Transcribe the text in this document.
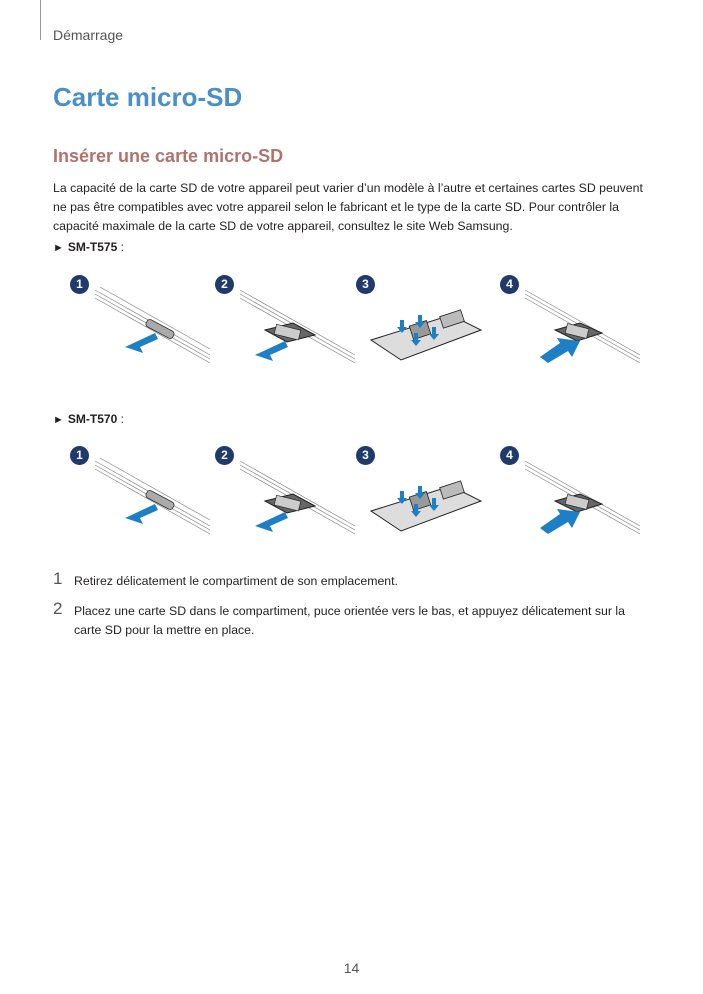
Démarrage
Carte micro-SD
Insérer une carte micro-SD

La capacité de la carte SD de votre appareil peut varier d’un modèle à l’autre et certaines cartes SD peuvent ne pas être compatibles avec votre appareil selon le fabricant et le type de la carte SD. Pour contrôler la capacité maximale de la carte SD de votre appareil, consultez le site Web Samsung.

► SM-T575 :
1	2	3	4
► SM-T570 :
1	2	3	4
1 Retirez délicatement le compartiment de son emplacement.
2 Placez une carte SD dans le compartiment, puce orientée vers le bas, et appuyez délicatement sur la carte SD pour la mettre en place.
14
